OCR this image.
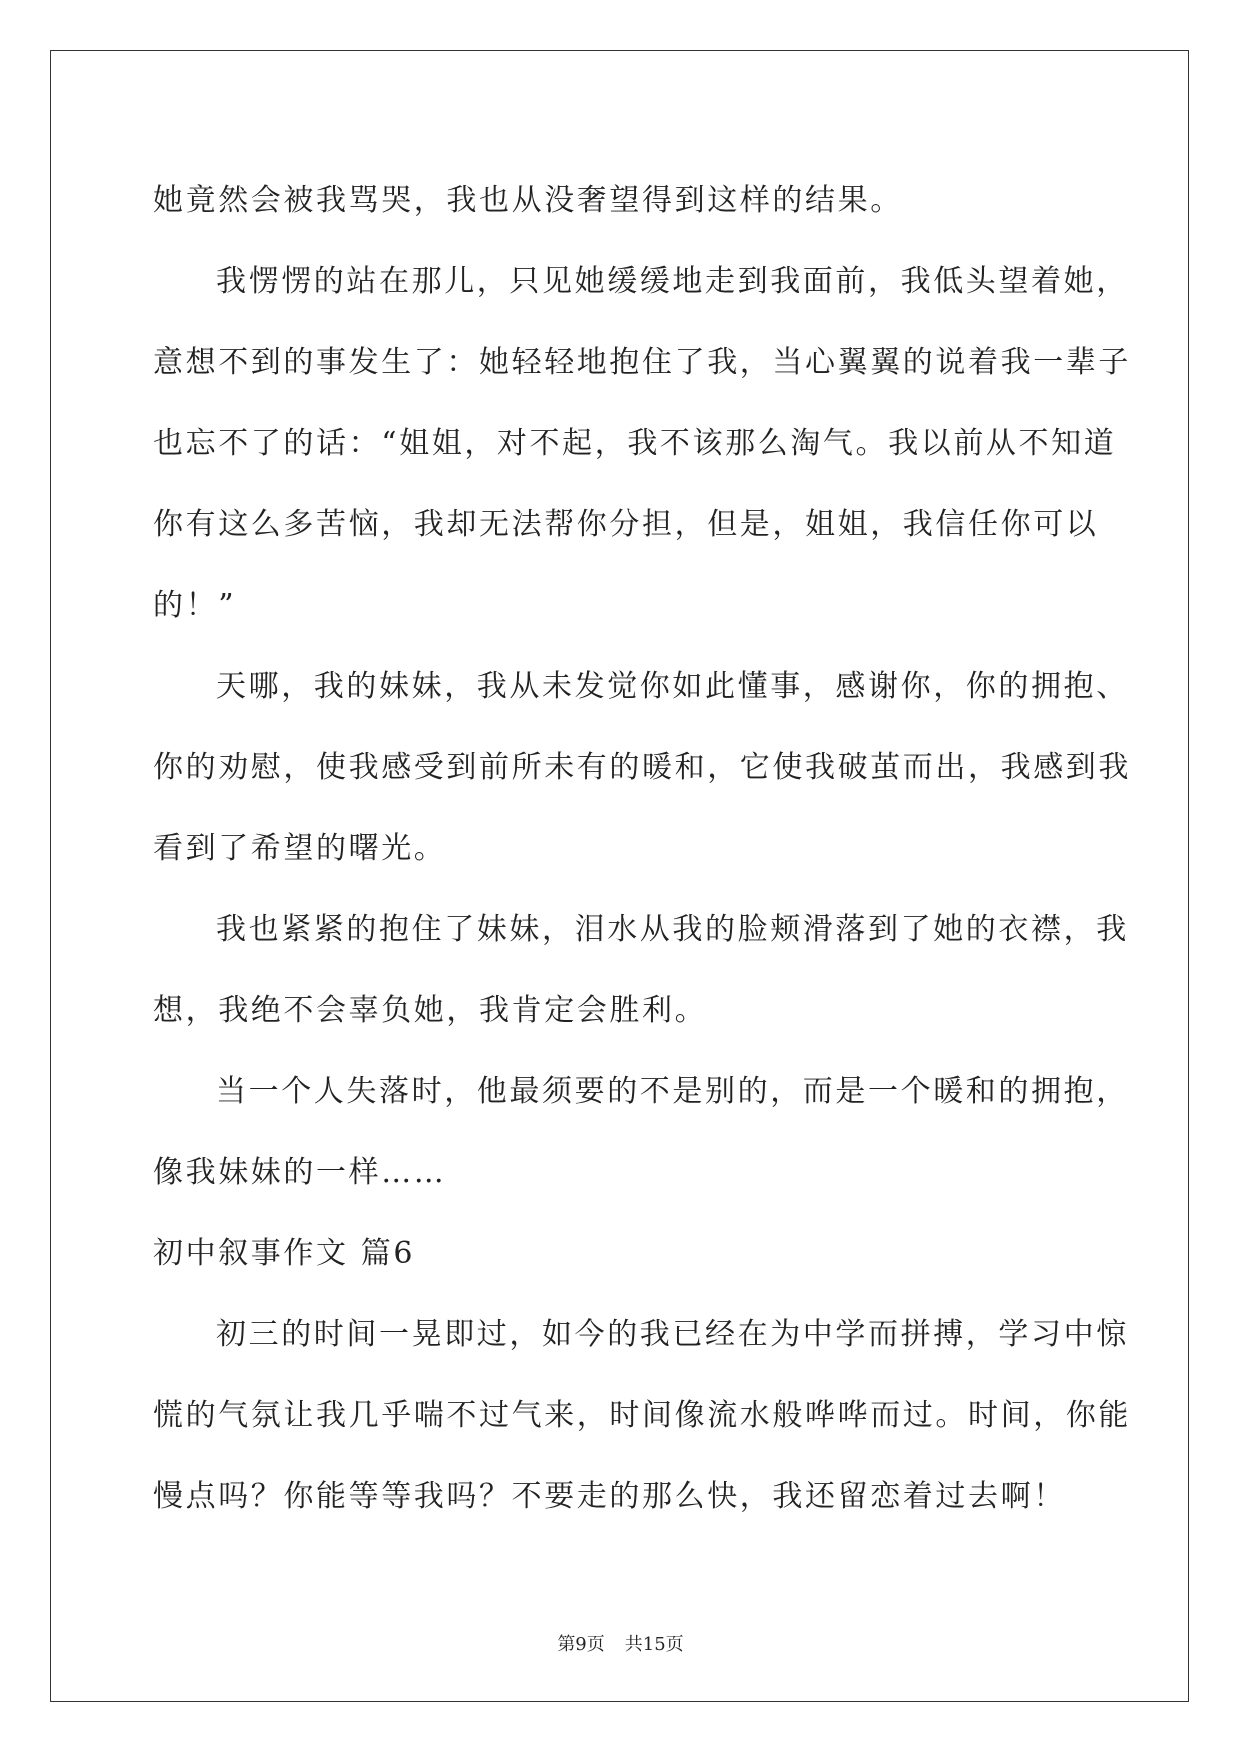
她竟然会被我骂哭，我也从没奢望得到这样的结果。
我愣愣的站在那儿，只见她缓缓地走到我面前，我低头望着她，
意想不到的事发生了：她轻轻地抱住了我，当心翼翼的说着我一辈子
也忘不了的话：“姐姐，对不起，我不该那么淘气。我以前从不知道
你有这么多苦恼，我却无法帮你分担，但是，姐姐，我信任你可以
的！”
天哪，我的妹妹，我从未发觉你如此懂事，感谢你，你的拥抱、
你的劝慰，使我感受到前所未有的暖和，它使我破茧而出，我感到我
看到了希望的曙光。
我也紧紧的抱住了妹妹，泪水从我的脸颊滑落到了她的衣襟，我
想，我绝不会辜负她，我肯定会胜利。
当一个人失落时，他最须要的不是别的，而是一个暖和的拥抱，
像我妹妹的一样……
初中叙事作文 篇6
初三的时间一晃即过，如今的我已经在为中学而拼搏，学习中惊
慌的气氛让我几乎喘不过气来，时间像流水般哗哗而过。时间，你能
慢点吗？你能等等我吗？不要走的那么快，我还留恋着过去啊！
第9页 共15页
